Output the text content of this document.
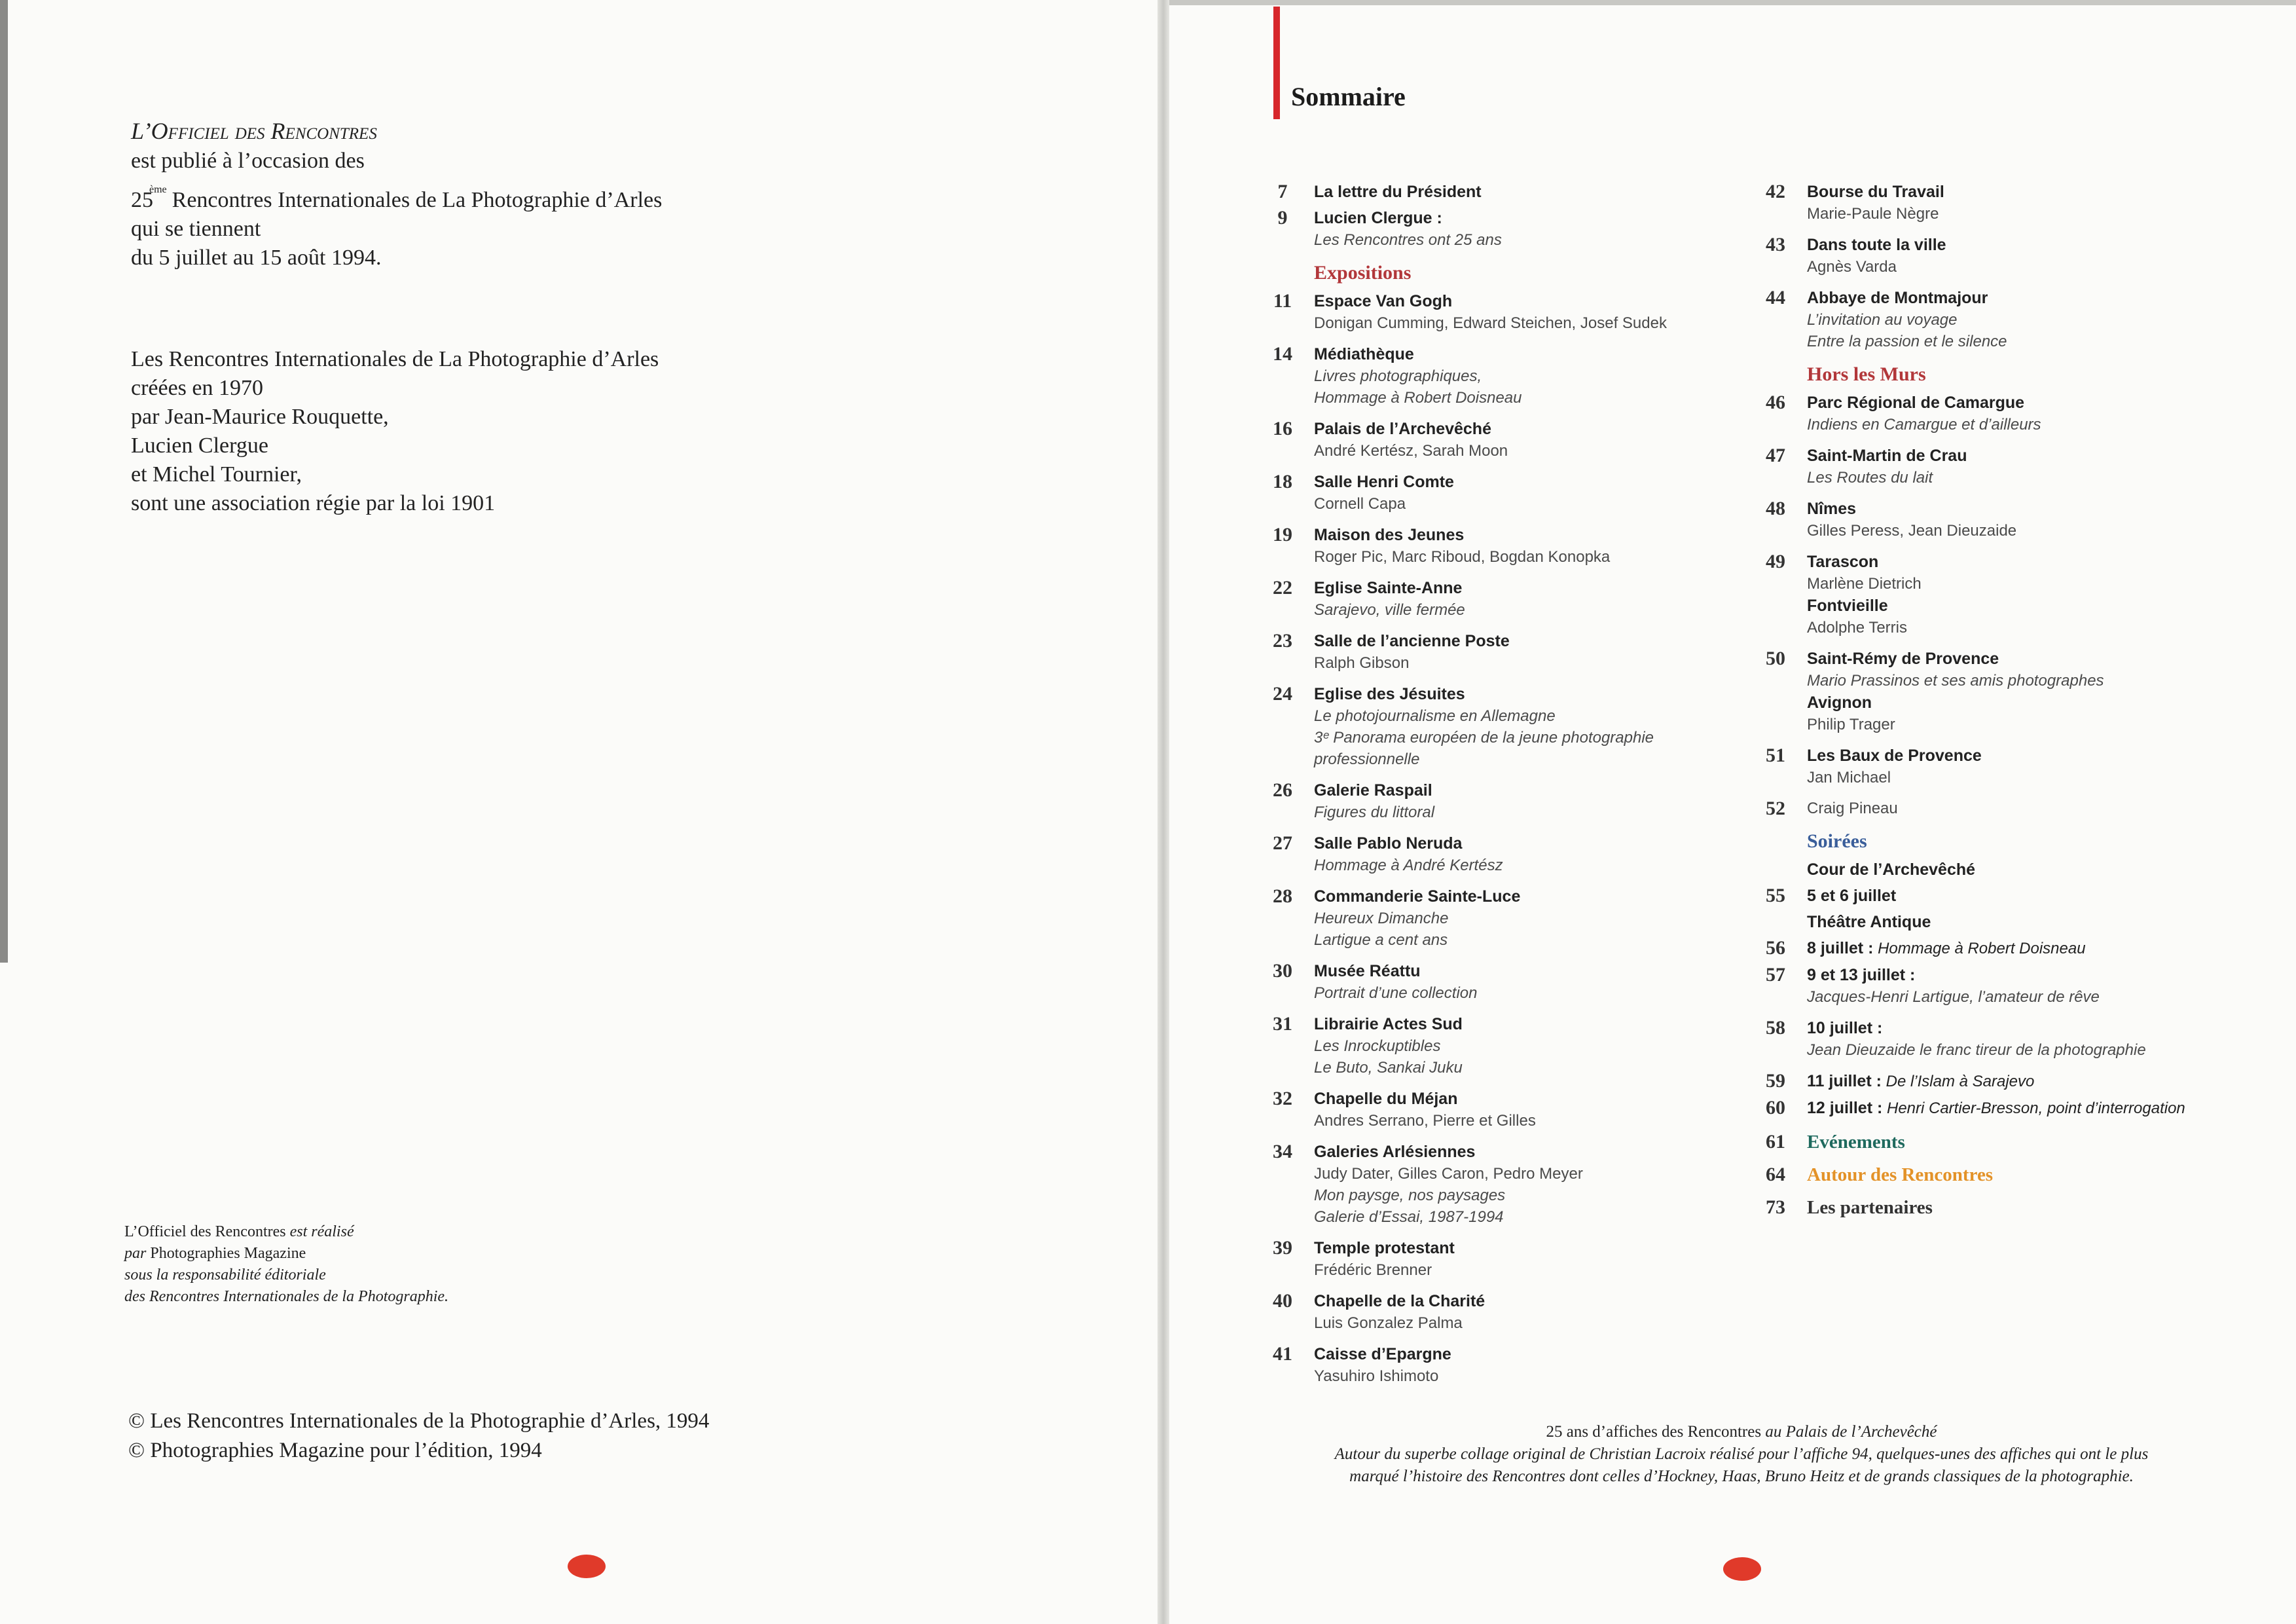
L’Officiel des Rencontres
est publié à l’occasion des
25ème Rencontres Internationales de La Photographie d’Arles
qui se tiennent
du 5 juillet au 15 août 1994.
Les Rencontres Internationales de La Photographie d’Arles
créées en 1970
par Jean-Maurice Rouquette,
Lucien Clergue
et Michel Tournier,
sont une association régie par la loi 1901
L’Officiel des Rencontres est réalisé
par Photographies Magazine
sous la responsabilité éditoriale
des Rencontres Internationales de la Photographie.
© Les Rencontres Internationales de la Photographie d’Arles, 1994
© Photographies Magazine pour l’édition, 1994
Sommaire
7	La lettre du Président
9	Lucien Clergue :
Les Rencontres ont 25 ans
Expositions
11	Espace Van Gogh
Donigan Cumming, Edward Steichen, Josef Sudek
14	Médiathèque
Livres photographiques,
Hommage à Robert Doisneau
16	Palais de l’Archevêché
André Kertész, Sarah Moon
18	Salle Henri Comte
Cornell Capa
19	Maison des Jeunes
Roger Pic, Marc Riboud, Bogdan Konopka
22	Eglise Sainte-Anne
Sarajevo, ville fermée
23	Salle de l’ancienne Poste
Ralph Gibson
24	Eglise des Jésuites
Le photojournalisme en Allemagne
3ᵉ Panorama européen de la jeune photographie
professionnelle
26	Galerie Raspail
Figures du littoral
27	Salle Pablo Neruda
Hommage à André Kertész
28	Commanderie Sainte-Luce
Heureux Dimanche
Lartigue a cent ans
30	Musée Réattu
Portrait d’une collection
31	Librairie Actes Sud
Les Inrockuptibles
Le Buto, Sankai Juku
32	Chapelle du Méjan
Andres Serrano, Pierre et Gilles
34	Galeries Arlésiennes
Judy Dater, Gilles Caron, Pedro Meyer
Mon paysge, nos paysages
Galerie d’Essai, 1987-1994
39	Temple protestant
Frédéric Brenner
40	Chapelle de la Charité
Luis Gonzalez Palma
41	Caisse d’Epargne
Yasuhiro Ishimoto
42	Bourse du Travail
Marie-Paule Nègre
43	Dans toute la ville
Agnès Varda
44	Abbaye de Montmajour
L’invitation au voyage
Entre la passion et le silence
Hors les Murs
46	Parc Régional de Camargue
Indiens en Camargue et d’ailleurs
47	Saint-Martin de Crau
Les Routes du lait
48	Nîmes
Gilles Peress, Jean Dieuzaide
49	Tarascon
Marlène Dietrich
Fontvieille
Adolphe Terris
50	Saint-Rémy de Provence
Mario Prassinos et ses amis photographes
Avignon
Philip Trager
51	Les Baux de Provence
Jan Michael
52	Craig Pineau
Soirées
Cour de l’Archevêché
55	5 et 6 juillet
Théâtre Antique
56	8 juillet : Hommage à Robert Doisneau
57	9 et 13 juillet :
Jacques-Henri Lartigue, l’amateur de rêve
58	10 juillet :
Jean Dieuzaide le franc tireur de la photographie
59	11 juillet : De l’Islam à Sarajevo
60	12 juillet : Henri Cartier-Bresson, point d’interrogation
61	Evénements
64	Autour des Rencontres
73	Les partenaires
25 ans d’affiches des Rencontres au Palais de l’Archevêché
Autour du superbe collage original de Christian Lacroix réalisé pour l’affiche 94, quelques-unes des affiches qui ont le plus
marqué l’histoire des Rencontres dont celles d’Hockney, Haas, Bruno Heitz et de grands classiques de la photographie.
